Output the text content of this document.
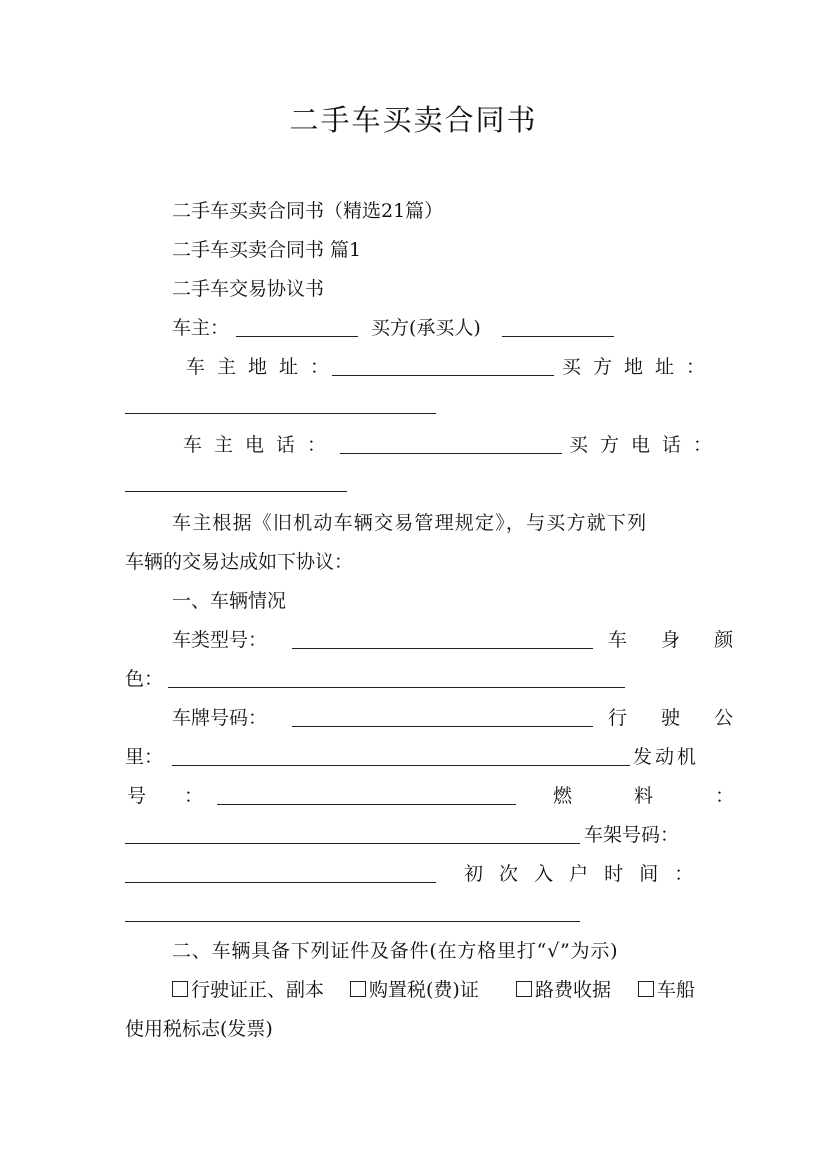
二手车买卖合同书
二手车买卖合同书（精选21篇）
二手车买卖合同书 篇1
二手车交易协议书
车主：	买方(承买人)
车主地址：	买方地址：
车主电话：	买方电话：
车主根据《旧机动车辆交易管理规定》，与买方就下列
车辆的交易达成如下协议：
一、车辆情况
车类型号：	车 身 颜
色：
车牌号码：	行 驶 公
里：	发动机
号 ：	燃 料 ：
车架号码：
初 次 入 户 时 间 ：
二、车辆具备下列证件及备件(在方格里打“√”为示)
行驶证正、副本	购置税(费)证	路费收据	车船
使用税标志(发票)
